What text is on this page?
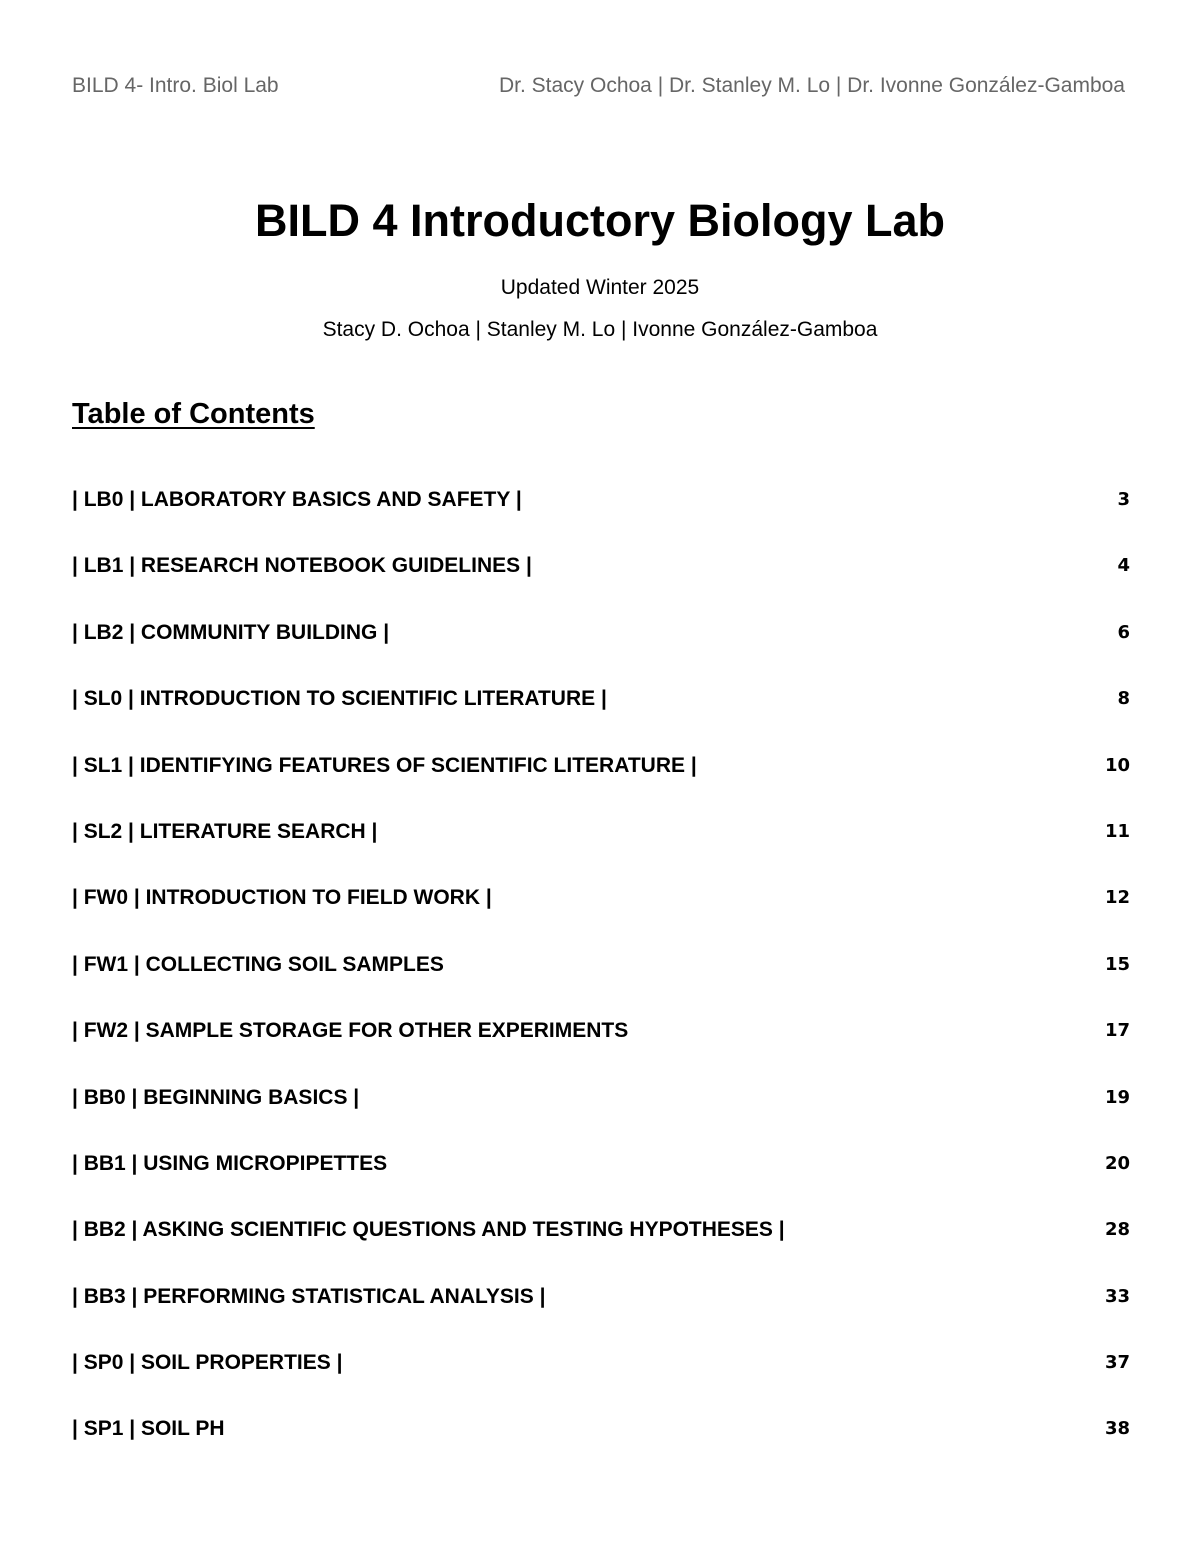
BILD 4- Intro. Biol Lab	Dr. Stacy Ochoa | Dr. Stanley M. Lo | Dr. Ivonne González-Gamboa
BILD 4 Introductory Biology Lab
Updated Winter 2025
Stacy D. Ochoa | Stanley M. Lo | Ivonne González-Gamboa
Table of Contents
| LB0 | LABORATORY BASICS AND SAFETY |	3
| LB1 | RESEARCH NOTEBOOK GUIDELINES |	4
| LB2 | COMMUNITY BUILDING |	6
| SL0 | INTRODUCTION TO SCIENTIFIC LITERATURE |	8
| SL1 | IDENTIFYING FEATURES OF SCIENTIFIC LITERATURE |	10
| SL2 | LITERATURE SEARCH |	11
| FW0 | INTRODUCTION TO FIELD WORK |	12
| FW1 | COLLECTING SOIL SAMPLES	15
| FW2 | SAMPLE STORAGE FOR OTHER EXPERIMENTS	17
| BB0 | BEGINNING BASICS |	19
| BB1 | USING MICROPIPETTES	20
| BB2 | ASKING SCIENTIFIC QUESTIONS AND TESTING HYPOTHESES |	28
| BB3 | PERFORMING STATISTICAL ANALYSIS |	33
| SP0 | SOIL PROPERTIES |	37
| SP1 | SOIL PH	38
